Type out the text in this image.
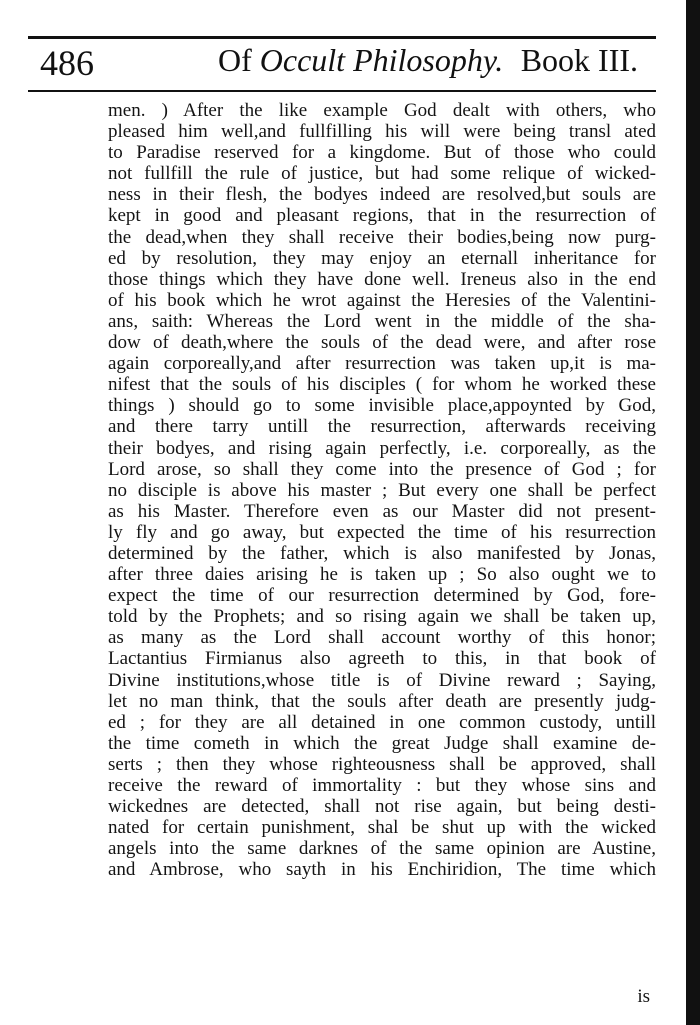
486	Of Occult Philosophy. Book III.
men. ) After the like example God dealt with others, who
pleased him well,and fullfilling his will were being transl ated
to Paradise reserved for a kingdome. But of those who could
not fullfill the rule of justice, but had some relique of wicked-
ness in their flesh, the bodyes indeed are resolved,but souls are
kept in good and pleasant regions, that in the resurrection of
the dead,when they shall receive their bodies,being now purg-
ed by resolution, they may enjoy an eternall inheritance for
those things which they have done well. Ireneus also in the end
of his book which he wrot against the Heresies of the Valentini-
ans, saith: Whereas the Lord went in the middle of the sha-
dow of death,where the souls of the dead were, and after rose
again corporeally,and after resurrection was taken up,it is ma-
nifest that the souls of his disciples ( for whom he worked these
things ) should go to some invisible place,appoynted by God,
and there tarry untill the resurrection, afterwards receiving
their bodyes, and rising again perfectly, i.e. corporeally, as the
Lord arose, so shall they come into the presence of God ; for
no disciple is above his master ; But every one shall be perfect
as his Master. Therefore even as our Master did not present-
ly fly and go away, but expected the time of his resurrection
determined by the father, which is also manifested by Jonas,
after three daies arising he is taken up ; So also ought we to
expect the time of our resurrection determined by God, fore-
told by the Prophets; and so rising again we shall be taken up,
as many as the Lord shall account worthy of this honor;
Lactantius Firmianus also agreeth to this, in that book of
Divine institutions,whose title is of Divine reward ; Saying,
let no man think, that the souls after death are presently judg-
ed ; for they are all detained in one common custody, untill
the time cometh in which the great Judge shall examine de-
serts ; then they whose righteousness shall be approved, shall
receive the reward of immortality : but they whose sins and
wickednes are detected, shall not rise again, but being desti-
nated for certain punishment, shal be shut up with the wicked
angels into the same darknes of the same opinion are Austine,
and Ambrose, who sayth in his Enchiridion, The time which
is
